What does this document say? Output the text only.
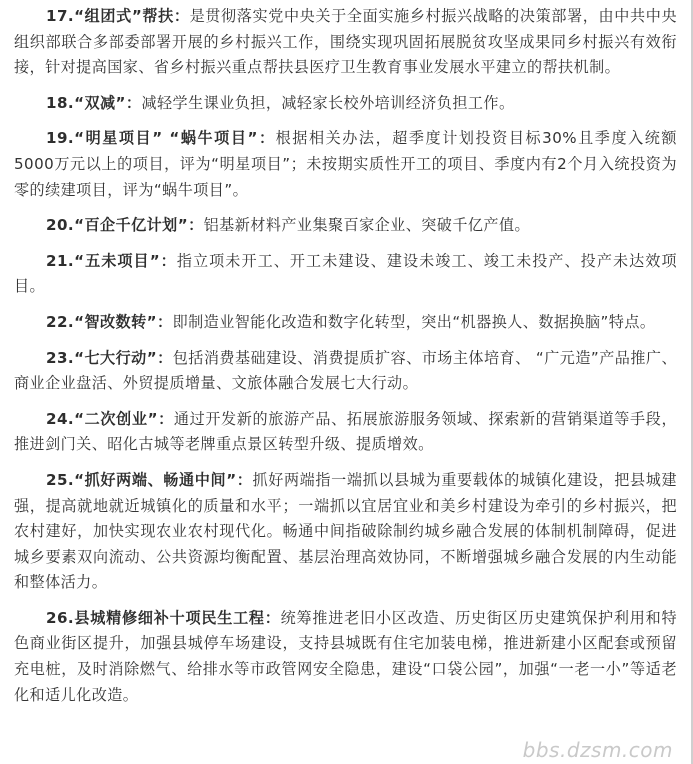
17.“组团式”帮扶：是贯彻落实党中央关于全面实施乡村振兴战略的决策部署，由中共中央组织部联合多部委部署开展的乡村振兴工作，围绕实现巩固拓展脱贫攻坚成果同乡村振兴有效衔接，针对提高国家、省乡村振兴重点帮扶县医疗卫生教育事业发展水平建立的帮扶机制。

18.“双减”：减轻学生课业负担，减轻家长校外培训经济负担工作。

19.“明星项目” “蜗牛项目”：根据相关办法，超季度计划投资目标30%且季度入统额5000万元以上的项目，评为“明星项目”；未按期实质性开工的项目、季度内有2个月入统投资为零的续建项目，评为“蜗牛项目”。

20.“百企千亿计划”：铝基新材料产业集聚百家企业、突破千亿产值。

21.“五未项目”：指立项未开工、开工未建设、建设未竣工、竣工未投产、投产未达效项目。

22.“智改数转”：即制造业智能化改造和数字化转型，突出“机器换人、数据换脑”特点。

23.“七大行动”：包括消费基础建设、消费提质扩容、市场主体培育、 “广元造”产品推广、商业企业盘活、外贸提质增量、文旅体融合发展七大行动。

24.“二次创业”：通过开发新的旅游产品、拓展旅游服务领域、探索新的营销渠道等手段，推进剑门关、昭化古城等老牌重点景区转型升级、提质增效。

25.“抓好两端、畅通中间”：抓好两端指一端抓以县城为重要载体的城镇化建设，把县城建强，提高就地就近城镇化的质量和水平；一端抓以宜居宜业和美乡村建设为牵引的乡村振兴，把农村建好，加快实现农业农村现代化。畅通中间指破除制约城乡融合发展的体制机制障碍，促进城乡要素双向流动、公共资源均衡配置、基层治理高效协同，不断增强城乡融合发展的内生动能和整体活力。

26.县城精修细补十项民生工程：统筹推进老旧小区改造、历史街区历史建筑保护利用和特色商业街区提升，加强县城停车场建设，支持县城既有住宅加装电梯，推进新建小区配套或预留充电桩，及时消除燃气、给排水等市政管网安全隐患，建设“口袋公园”，加强“一老一小”等适老化和适儿化改造。

bbs.dzsm.com
